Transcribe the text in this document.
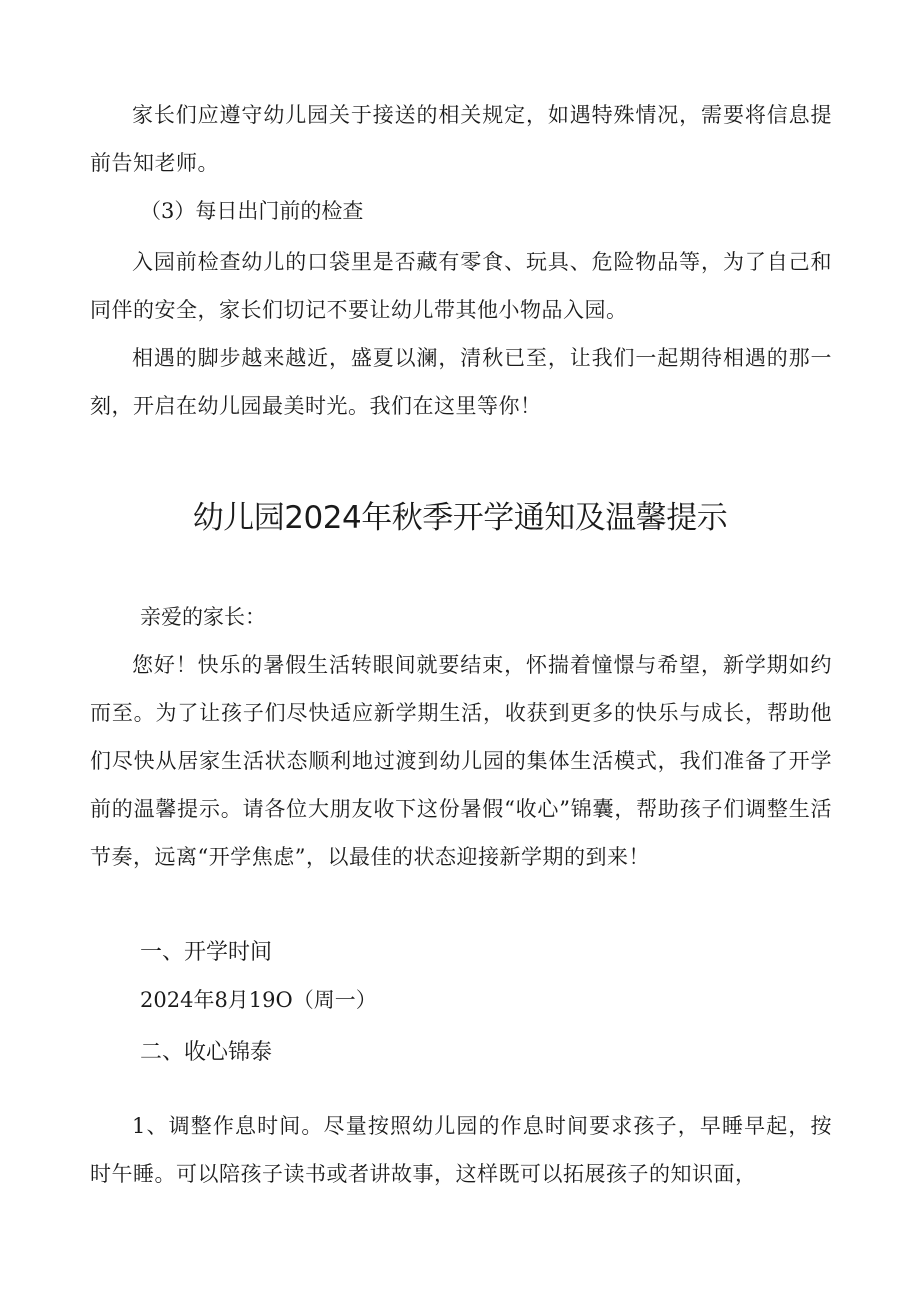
家长们应遵守幼儿园关于接送的相关规定，如遇特殊情况，需要将信息提前告知老师。

（3）每日出门前的检查

入园前检查幼儿的口袋里是否藏有零食、玩具、危险物品等，为了自己和同伴的安全，家长们切记不要让幼儿带其他小物品入园。

相遇的脚步越来越近，盛夏以澜，清秋已至，让我们一起期待相遇的那一刻，开启在幼儿园最美时光。我们在这里等你！

幼儿园2024年秋季开学通知及温馨提示

亲爱的家长：

您好！快乐的暑假生活转眼间就要结束，怀揣着憧憬与希望，新学期如约而至。为了让孩子们尽快适应新学期生活，收获到更多的快乐与成长，帮助他们尽快从居家生活状态顺利地过渡到幼儿园的集体生活模式，我们准备了开学前的温馨提示。请各位大朋友收下这份暑假“收心”锦囊，帮助孩子们调整生活节奏，远离“开学焦虑”，以最佳的状态迎接新学期的到来！

一、开学时间

2024年8月19O（周一）

二、收心锦泰

1、调整作息时间。尽量按照幼儿园的作息时间要求孩子，早睡早起，按时午睡。可以陪孩子读书或者讲故事，这样既可以拓展孩子的知识面，
